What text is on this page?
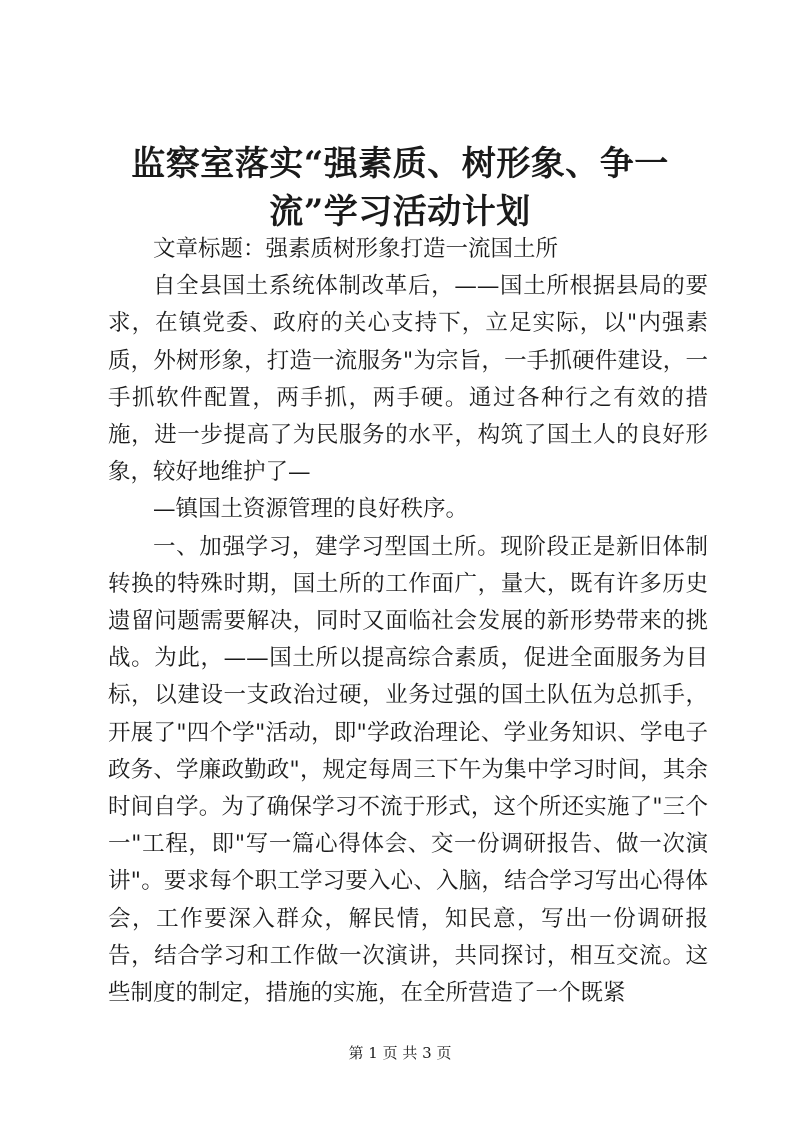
监察室落实“强素质、树形象、争一流”学习活动计划

文章标题：强素质树形象打造一流国土所

自全县国土系统体制改革后，——国土所根据县局的要求，在镇党委、政府的关心支持下，立足实际，以"内强素质，外树形象，打造一流服务"为宗旨，一手抓硬件建设，一手抓软件配置，两手抓，两手硬。通过各种行之有效的措施，进一步提高了为民服务的水平，构筑了国土人的良好形象，较好地维护了—

—镇国土资源管理的良好秩序。

一、加强学习，建学习型国土所。现阶段正是新旧体制转换的特殊时期，国土所的工作面广，量大，既有许多历史遗留问题需要解决，同时又面临社会发展的新形势带来的挑战。为此，——国土所以提高综合素质，促进全面服务为目标，以建设一支政治过硬，业务过强的国土队伍为总抓手，开展了"四个学"活动，即"学政治理论、学业务知识、学电子政务、学廉政勤政"，规定每周三下午为集中学习时间，其余时间自学。为了确保学习不流于形式，这个所还实施了"三个一"工程，即"写一篇心得体会、交一份调研报告、做一次演讲"。要求每个职工学习要入心、入脑，结合学习写出心得体会，工作要深入群众，解民情，知民意，写出一份调研报告，结合学习和工作做一次演讲，共同探讨，相互交流。这些制度的制定，措施的实施，在全所营造了一个既紧

第 1 页 共 3 页
